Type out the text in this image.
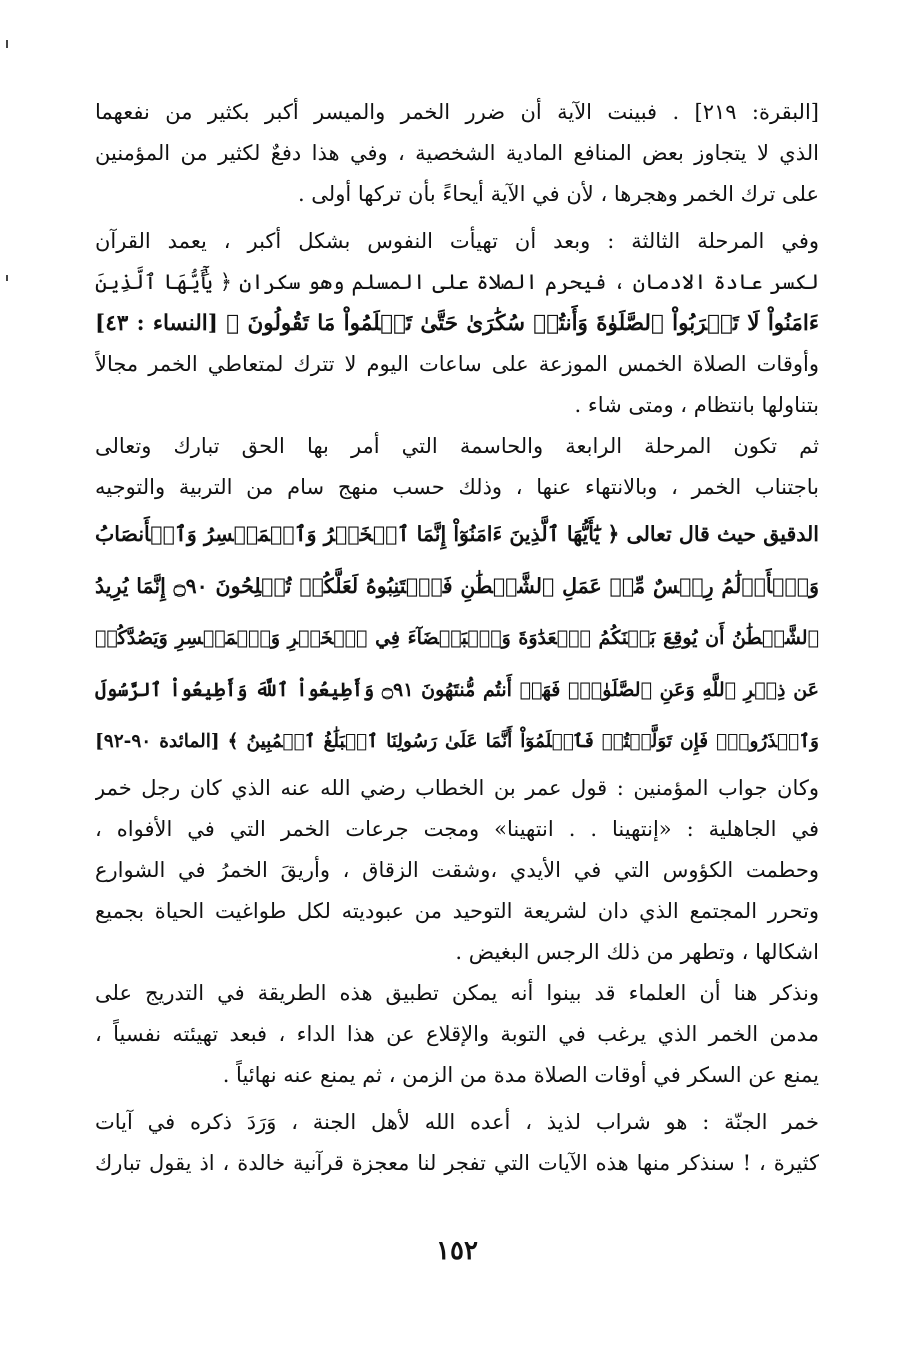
[البقرة: ٢١٩] . فبينت الآية أن ضرر الخمر والميسر أكبر بكثير من نفعهما
الذي لا يتجاوز بعض المنافع المادية الشخصية ، وفي هذا دفعٌ لكثير من المؤمنين
على ترك الخمر وهجرها ، لأن في الآية أيحاءً بأن تركها أولى .
وفي المرحلة الثالثة : وبعد أن تهيأت النفوس بشكل أكبر ، يعمد القرآن
لكسر عادة الادمان ، فيحرم الصلاة على المسلم وهو سكران ﴿ يَٰٓأَيُّهَا ٱلَّذِينَ
ءَامَنُواْ لَا تَقۡرَبُواْ ٱلصَّلَوٰةَ وَأَنتُمۡ سُكَٰرَىٰ حَتَّىٰ تَعۡلَمُواْ مَا تَقُولُونَ ﴾ [النساء : ٤٣]
وأوقات الصلاة الخمس الموزعة على ساعات اليوم لا تترك لمتعاطي الخمر مجالاً
بتناولها بانتظام ، ومتى شاء .
ثم تكون المرحلة الرابعة والحاسمة التي أمر بها الحق تبارك وتعالى
باجتناب الخمر ، وبالانتهاء عنها ، وذلك حسب منهج سام من التربية والتوجيه
الدقيق حيث قال تعالى ﴿ يَٰٓأَيُّهَا ٱلَّذِينَ ءَامَنُوٓاْ إِنَّمَا ٱلۡخَمۡرُ وَٱلۡمَيۡسِرُ وَٱلۡأَنصَابُ
وَٱلۡأَزۡلَٰمُ رِجۡسٌ مِّنۡ عَمَلِ ٱلشَّيۡطَٰنِ فَٱجۡتَنِبُوهُ لَعَلَّكُمۡ تُفۡلِحُونَ ۝٩٠ إِنَّمَا يُرِيدُ
ٱلشَّيۡطَٰنُ أَن يُوقِعَ بَيۡنَكُمُ ٱلۡعَدَٰوَةَ وَٱلۡبَغۡضَآءَ فِي ٱلۡخَمۡرِ وَٱلۡمَيۡسِرِ وَيَصُدَّكُمۡ
عَن ذِكۡرِ ٱللَّهِ وَعَنِ ٱلصَّلَوٰةِۖ فَهَلۡ أَنتُم مُّنتَهُونَ ۝٩١ وَأَطِيعُواْ ٱللَّهَ وَأَطِيعُواْ ٱلرَّسُولَ
وَٱحۡذَرُواْۚ فَإِن تَوَلَّيۡتُمۡ فَٱعۡلَمُوٓاْ أَنَّمَا عَلَىٰ رَسُولِنَا ٱلۡبَلَٰغُ ٱلۡمُبِينُ ﴾ [المائدة ٩٠-٩٢]
وكان جواب المؤمنين : قول عمر بن الخطاب رضي الله عنه الذي كان رجل خمر
في الجاهلية : «إنتهينا . . انتهينا» ومجت جرعات الخمر التي في الأفواه ،
وحطمت الكؤوس التي في الأيدي ،وشقت الزقاق ، وأريقَ الخمرُ في الشوارع
وتحرر المجتمع الذي دان لشريعة التوحيد من عبوديته لكل طواغيت الحياة بجميع
اشكالها ، وتطهر من ذلك الرجس البغيض .
ونذكر هنا أن العلماء قد بينوا أنه يمكن تطبيق هذه الطريقة في التدريج على
مدمن الخمر الذي يرغب في التوبة والإقلاع عن هذا الداء ، فبعد تهيئته نفسياً ،
يمنع عن السكر في أوقات الصلاة مدة من الزمن ، ثم يمنع عنه نهائياً .
خمر الجنّة : هو شراب لذيذ ، أعده الله لأهل الجنة ، وَرَدَ ذكره في آيات
كثيرة ، ! سنذكر منها هذه الآيات التي تفجر لنا معجزة قرآنية خالدة ، اذ يقول تبارك
١٥٢
